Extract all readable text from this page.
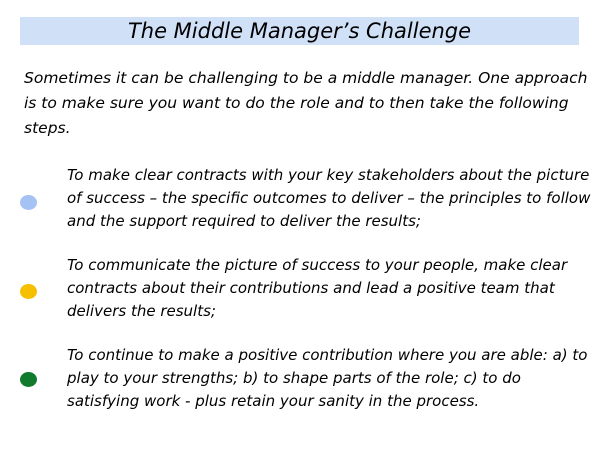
The Middle Manager’s Challenge

Sometimes it can be challenging to be a middle manager. One approach is to make sure you want to do the role and to then take the following steps.

To make clear contracts with your key stakeholders about the picture of success – the specific outcomes to deliver – the principles to follow and the support required to deliver the results;

To communicate the picture of success to your people, make clear contracts about their contributions and lead a positive team that delivers the results;

To continue to make a positive contribution where you are able: a) to play to your strengths; b) to shape parts of the role; c) to do satisfying work - plus retain your sanity in the process.
